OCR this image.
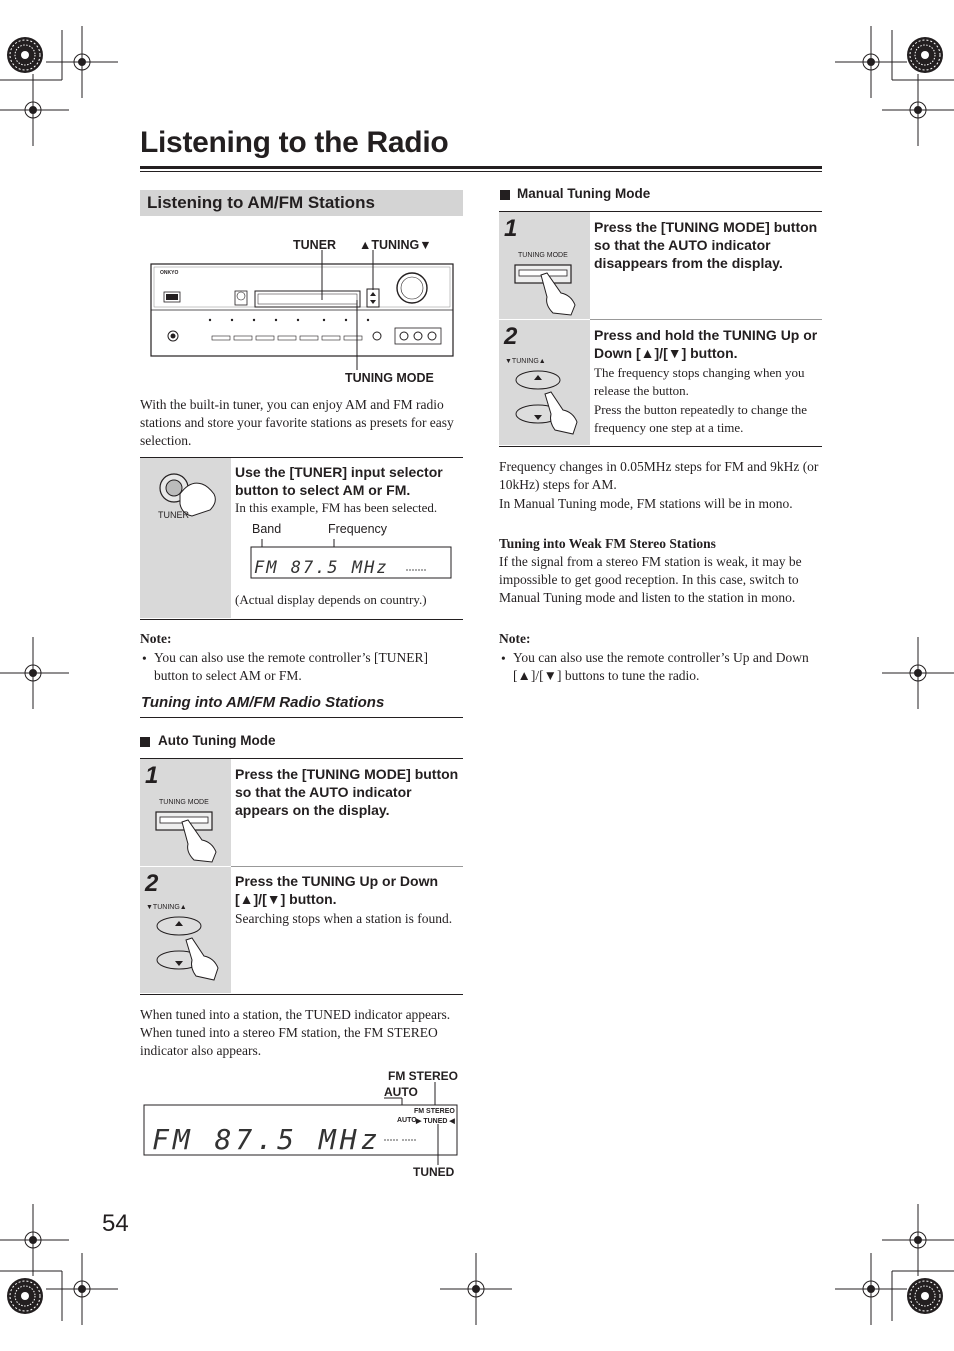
Listening to the Radio
Listening to AM/FM Stations
TUNER ▲TUNING▼
TUNING MODE
ONKYO
With the built-in tuner, you can enjoy AM and FM radio stations and store your favorite stations as presets for easy selection.
TUNER
Use the [TUNER] input selector button to select AM or FM.
In this example, FM has been selected.
Band	Frequency
FM 87.5 MHz
(Actual display depends on country.)
Note:
• You can also use the remote controller’s [TUNER] button to select AM or FM.
Tuning into AM/FM Radio Stations
Auto Tuning Mode
1
TUNING MODE
Press the [TUNING MODE] button so that the AUTO indicator appears on the display.
2
▼TUNING▲
Press the TUNING Up or Down
[▲]/[▼] button.
Searching stops when a station is found.
When tuned into a station, the TUNED indicator appears. When tuned into a stereo FM station, the FM STEREO indicator also appears.
FM STEREO
AUTO
TUNED
FM 87.5 MHz
FM STEREO
AUTO ▶ TUNED ◀
54
Manual Tuning Mode
1
TUNING MODE
Press the [TUNING MODE] button so that the AUTO indicator disappears from the display.
2
▼TUNING▲
Press and hold the TUNING Up or
Down [▲]/[▼] button.
The frequency stops changing when you release the button.
Press the button repeatedly to change the frequency one step at a time.
Frequency changes in 0.05MHz steps for FM and 9kHz (or 10kHz) steps for AM.
In Manual Tuning mode, FM stations will be in mono.
Tuning into Weak FM Stereo Stations
If the signal from a stereo FM station is weak, it may be impossible to get good reception. In this case, switch to Manual Tuning mode and listen to the station in mono.
Note:
• You can also use the remote controller’s Up and Down [▲]/[▼] buttons to tune the radio.
